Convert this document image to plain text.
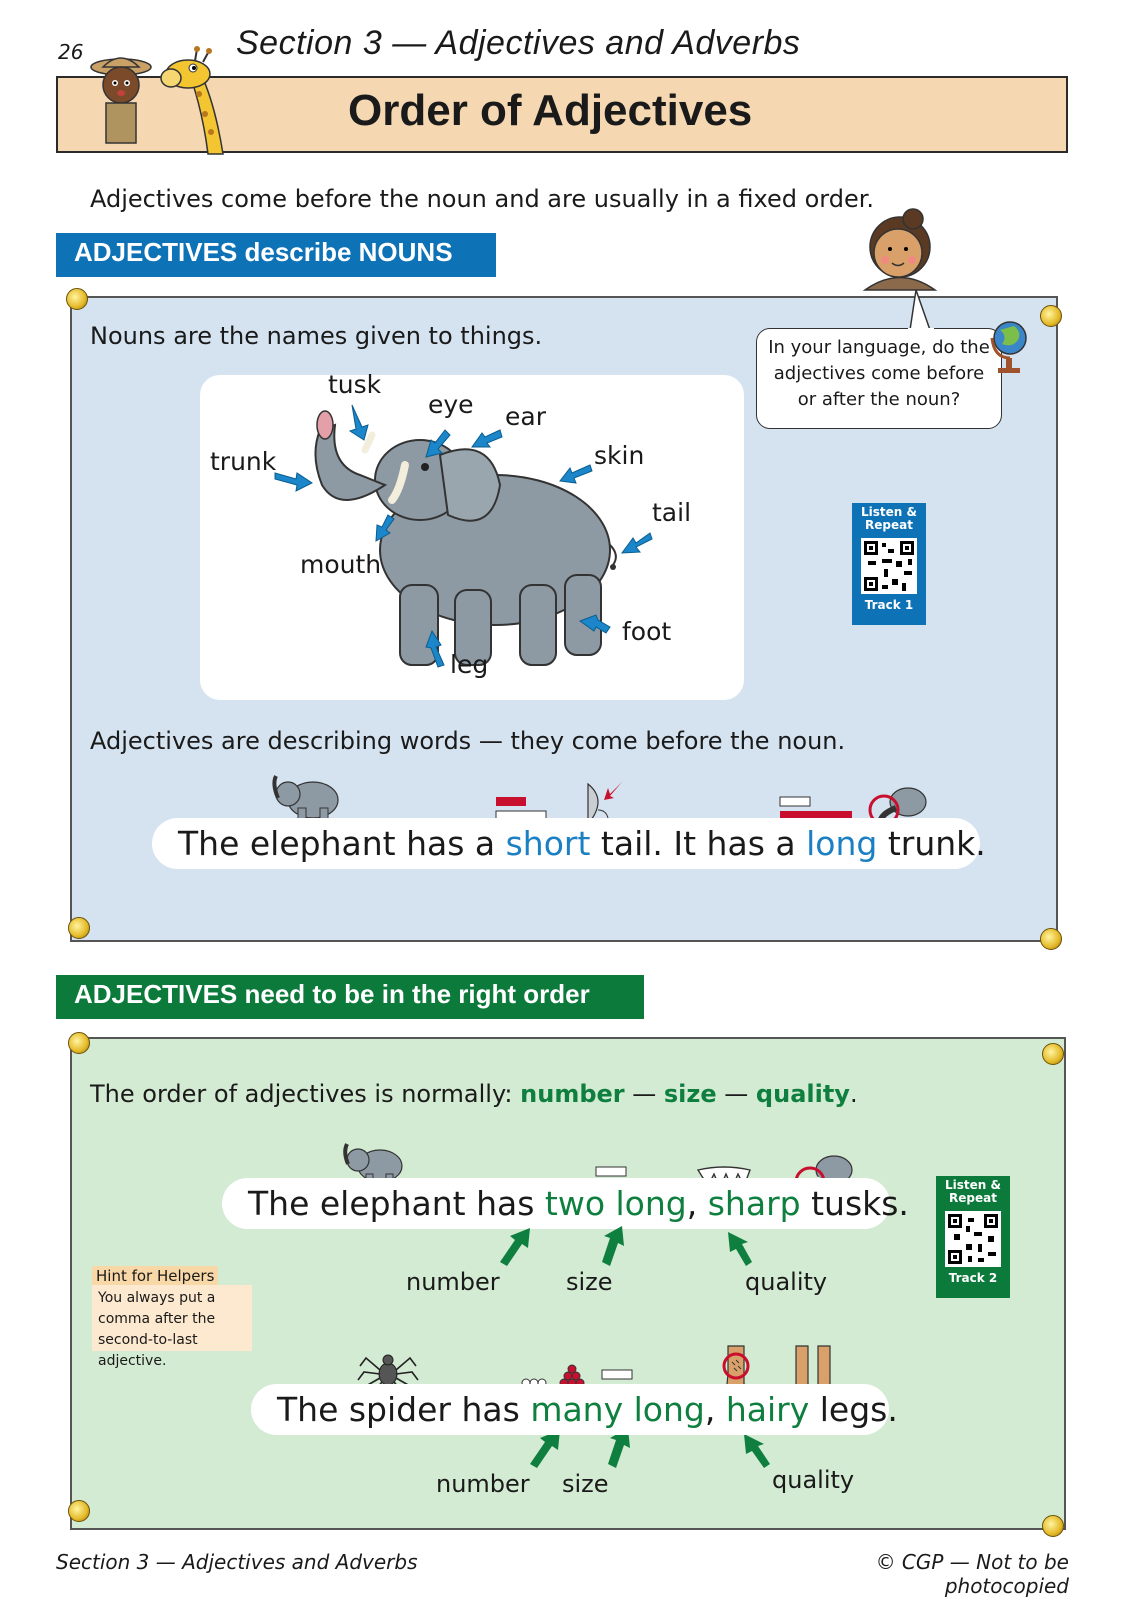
26	Section 3 — Adjectives and Adverbs
Order of Adjectives
Adjectives come before the noun and are usually in a fixed order.
ADJECTIVES describe NOUNS
Nouns are the names given to things.	In your language, do the
adjectives come before
or after the noun?
tusk
eye ear
trunk	skin
tail
mouth
foot
leg
Listen &
Repeat
Track 1
Adjectives are describing words — they come before the noun.
The elephant has a short tail. It has a long trunk.
ADJECTIVES need to be in the right order
The order of adjectives is normally: number — size — quality.
The elephant has two long, sharp tusks.
number	size	quality
Listen &
Repeat
Track 2
Hint for Helpers
You always put a
comma after the
second-to-last adjective.
The spider has many long, hairy legs.
number size	quality
Section 3 — Adjectives and Adverbs	© CGP — Not to be photocopied
